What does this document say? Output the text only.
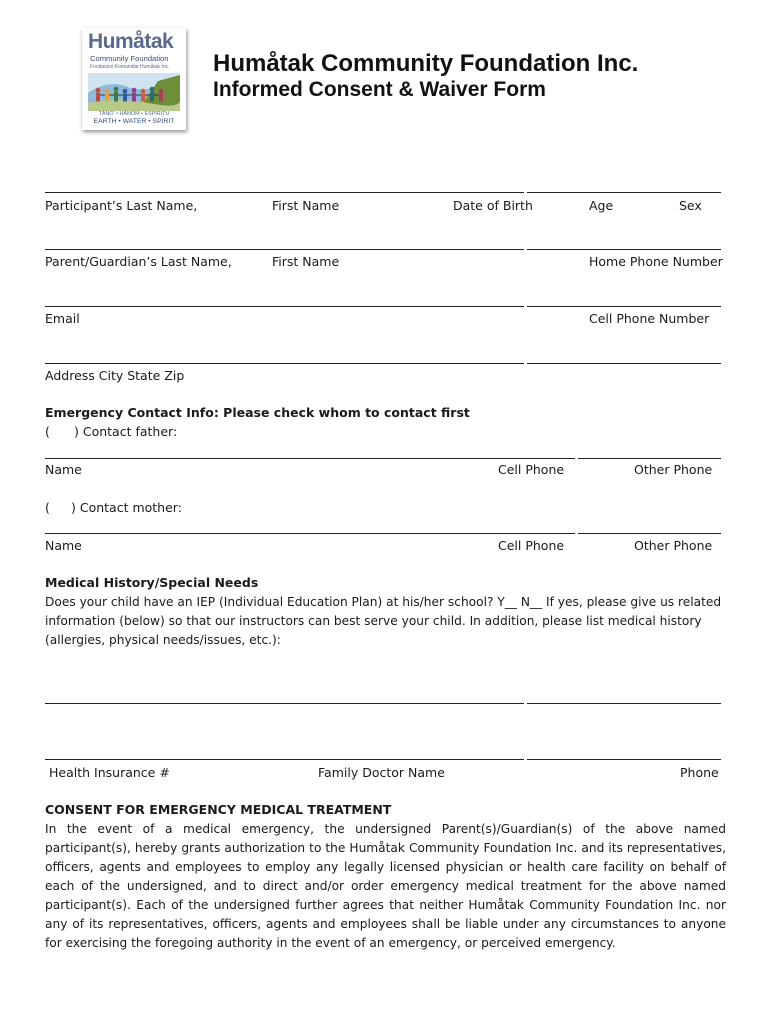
Humåtak
Community Foundation
Fondasion Komunidat Humåtak Inc.
TÅNO' • HÅNOM • ESPIRITU
EARTH • WATER • SPIRIT
Humåtak Community Foundation Inc.
Informed Consent & Waiver Form
Participant’s Last Name,	First Name	Date of Birth	Age	Sex
Parent/Guardian’s Last Name,	First Name	Home Phone Number
Email	Cell Phone Number
Address City State Zip
Emergency Contact Info: Please check whom to contact first
( ) Contact father:
Name	Cell Phone	Other Phone
( ) Contact mother:
Name	Cell Phone	Other Phone
Medical History/Special Needs
Does your child have an IEP (Individual Education Plan) at his/her school? Y__ N__ If yes, please give us related
information (below) so that our instructors can best serve your child. In addition, please list medical history
(allergies, physical needs/issues, etc.):
Health Insurance #	Family Doctor Name	Phone
CONSENT FOR EMERGENCY MEDICAL TREATMENT
In the event of a medical emergency, the undersigned Parent(s)/Guardian(s) of the above named participant(s), hereby grants authorization to the Humåtak Community Foundation Inc. and its representatives, officers, agents and employees to employ any legally licensed physician or health care facility on behalf of each of the undersigned, and to direct and/or order emergency medical treatment for the above named participant(s). Each of the undersigned further agrees that neither Humåtak Community Foundation Inc. nor any of its representatives, officers, agents and employees shall be liable under any circumstances to anyone for exercising the foregoing authority in the event of an emergency, or perceived emergency.
